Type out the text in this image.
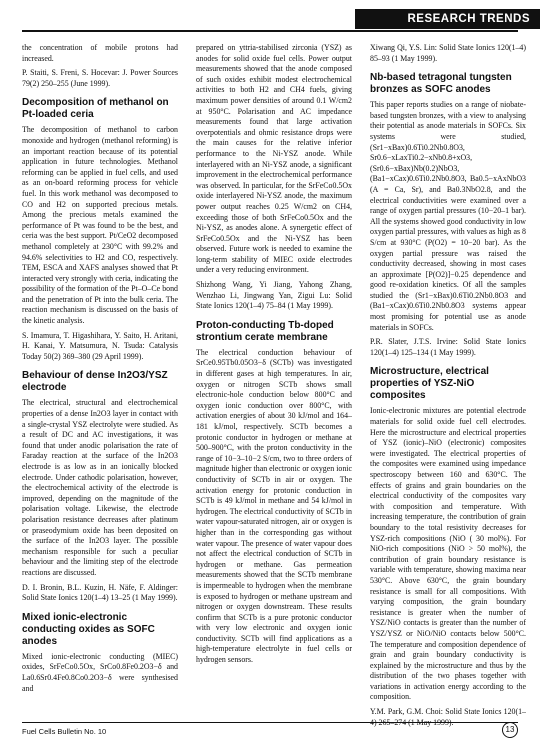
RESEARCH TRENDS

the concentration of mobile protons had increased.

P. Staiti, S. Freni, S. Hocevar: J. Power Sources 79(2) 250–255 (June 1999).

Decomposition of methanol on Pt-loaded ceria

The decomposition of methanol to carbon monoxide and hydrogen (methanol reforming) is an important reaction because of its potential application in future technologies. Methanol reforming can be applied in fuel cells, and used as an on-board reforming process for vehicle fuel. In this work methanol was decomposed to CO and H2 on supported precious metals. Among the precious metals examined the performance of Pt was found to be the best, and ceria was the best support. Pt/CeO2 decomposed methanol completely at 230°C with 99.2% and 94.6% selectivities to H2 and CO, respectively. TEM, ESCA and XAFS analyses showed that Pt interacted very strongly with ceria, indicating the possibility of the formation of the Pt–O–Ce bond and the penetration of Pt into the bulk ceria. The reaction mechanism is discussed on the basis of the kinetic analysis.

S. Imamura, T. Higashihara, Y. Saito, H. Aritani, H. Kanai, Y. Matsumura, N. Tsuda: Catalysis Today 50(2) 369–380 (29 April 1999).

Behaviour of dense In2O3/YSZ electrode

The electrical, structural and electrochemical properties of a dense In2O3 layer in contact with a single-crystal YSZ electrolyte were studied. As a result of DC and AC investigations, it was found that under anodic polarisation the rate of Faraday reaction at the surface of the In2O3 electrode is as low as in an ionically blocked electrode. Under cathodic polarisation, however, the electrochemical activity of the electrode is improved, depending on the magnitude of the polarisation voltage. Likewise, the electrode polarisation resistance decreases after platinum or praseodymium oxide has been deposited on the surface of the In2O3 layer. The possible mechanism responsible for such a peculiar behaviour and the limiting step of the electrode reactions are discussed.

D. I. Bronin, B.L. Kuzin, H. Näfe, F. Aldinger: Solid State Ionics 120(1–4) 13–25 (1 May 1999).

Mixed ionic-electronic conducting oxides as SOFC anodes

Mixed ionic-electronic conducting (MIEC) oxides, SrFeCo0.5Ox, SrCo0.8Fe0.2O3−δ and La0.6Sr0.4Fe0.8Co0.2O3−δ were synthesised and

prepared on yttria-stabilised zirconia (YSZ) as anodes for solid oxide fuel cells. Power output measurements showed that the anode composed of such oxides exhibit modest electrochemical activities to both H2 and CH4 fuels, giving maximum power densities of around 0.1 W/cm2 at 950°C. Polarisation and AC impedance measurements found that large activation overpotentials and ohmic resistance drops were the main causes for the relative inferior performance to the Ni-YSZ anode. While interlayered with an Ni-YSZ anode, a significant improvement in the electrochemical performance was observed. In particular, for the SrFeCo0.5Ox oxide interlayered Ni-YSZ anode, the maximum power output reaches 0.25 W/cm2 on CH4, exceeding those of both SrFeCo0.5Ox and the Ni-YSZ, as anodes alone. A synergetic effect of SrFeCo0.5Ox and the Ni-YSZ has been observed. Future work is needed to examine the long-term stability of MIEC oxide electrodes under a very reducing environment.

Shizhong Wang, Yi Jiang, Yahong Zhang, Wenzhao Li, Jingwang Yan, Zigui Lu: Solid State Ionics 120(1–4) 75–84 (1 May 1999).

Proton-conducting Tb-doped strontium cerate membrane

The electrical conduction behaviour of SrCe0.95Tb0.05O3−δ (SCTb) was investigated in different gases at high temperatures. In air, oxygen or nitrogen SCTb shows small electronic-hole conduction below 800°C and oxygen ionic conduction over 800°C, with activation energies of about 30 kJ/mol and 164–181 kJ/mol, respectively. SCTb becomes a protonic conductor in hydrogen or methane at 500–900°C, with the proton conductivity in the range of 10−3–10−2 S/cm, two to three orders of magnitude higher than electronic or oxygen ionic conductivity of SCTb in air or oxygen. The activation energy for protonic conduction in SCTb is 49 kJ/mol in methane and 54 kJ/mol in hydrogen. The electrical conductivity of SCTb in water vapour-saturated nitrogen, air or oxygen is higher than in the corresponding gas without water vapour. The presence of water vapour does not affect the electrical conduction of SCTb in hydrogen or methane. Gas permeation measurements showed that the SCTb membrane is impermeable to hydrogen when the membrane is exposed to hydrogen or methane upstream and nitrogen or oxygen downstream. These results confirm that SCTb is a pure protonic conductor with very low electronic and oxygen ionic conductivity. SCTb will find applications as a high-temperature electrolyte in fuel cells or hydrogen sensors.

Xiwang Qi, Y.S. Lin: Solid State Ionics 120(1–4) 85–93 (1 May 1999).

Nb-based tetragonal tungsten bronzes as SOFC anodes

This paper reports studies on a range of niobate-based tungsten bronzes, with a view to analysing their potential as anode materials in SOFCs. Six systems were studied, (Sr1−xBax)0.6Ti0.2Nb0.8O3, Sr0.6−xLaxTi0.2−xNb0.8+xO3, (Sr0.6−xBax)Nb(0.2)NbO3, (Ba1−xCax)0.6Ti0.2Nb0.8O3, Ba0.5−xAxNbO3 (A = Ca, Sr), and Ba0.3NbO2.8, and the electrical conductivities were examined over a range of oxygen partial pressures (10−20–1 bar). All the systems showed good conductivity in low oxygen partial pressures, with values as high as 8 S/cm at 930°C (P(O2) = 10−20 bar). As the oxygen partial pressure was raised the conductivity decreased, showing in most cases an approximate [P(O2)]−0.25 dependence and good re-oxidation kinetics. Of all the samples studied the (Sr1−xBax)0.6Ti0.2Nb0.8O3 and (Ba1−xCax)0.6Ti0.2Nb0.8O3 systems appear most promising for potential use as anode materials in SOFCs.

P.R. Slater, J.T.S. Irvine: Solid State Ionics 120(1–4) 125–134 (1 May 1999).

Microstructure, electrical properties of YSZ-NiO composites

Ionic-electronic mixtures are potential electrode materials for solid oxide fuel cell electrodes. Here the microstructure and electrical properties of YSZ (ionic)–NiO (electronic) composites were investigated. The electrical properties of the composites were examined using impedance spectroscopy between 160 and 630°C. The effects of grains and grain boundaries on the electrical conductivity of the composites vary with composition and temperature. With increasing temperature, the contribution of grain boundary to the total resistivity decreases for YSZ-rich compositions (NiO ( 30 mol%). For NiO-rich compositions (NiO > 50 mol%), the contribution of grain boundary resistance is variable with temperature, showing maxima near 530°C. Above 630°C, the grain boundary resistance is small for all compositions. With varying composition, the grain boundary resistance is greater when the number of YSZ/NiO contacts is greater than the number of YSZ/YSZ or NiO/NiO contacts below 500°C. The temperature and composition dependence of grain and grain boundary conductivity is explained by the microstructure and thus by the distribution of the two phases together with variations in activation energy according to the composition.

Y.M. Park, G.M. Choi: Solid State Ionics 120(1–

Fuel Cells Bulletin No. 10	13
